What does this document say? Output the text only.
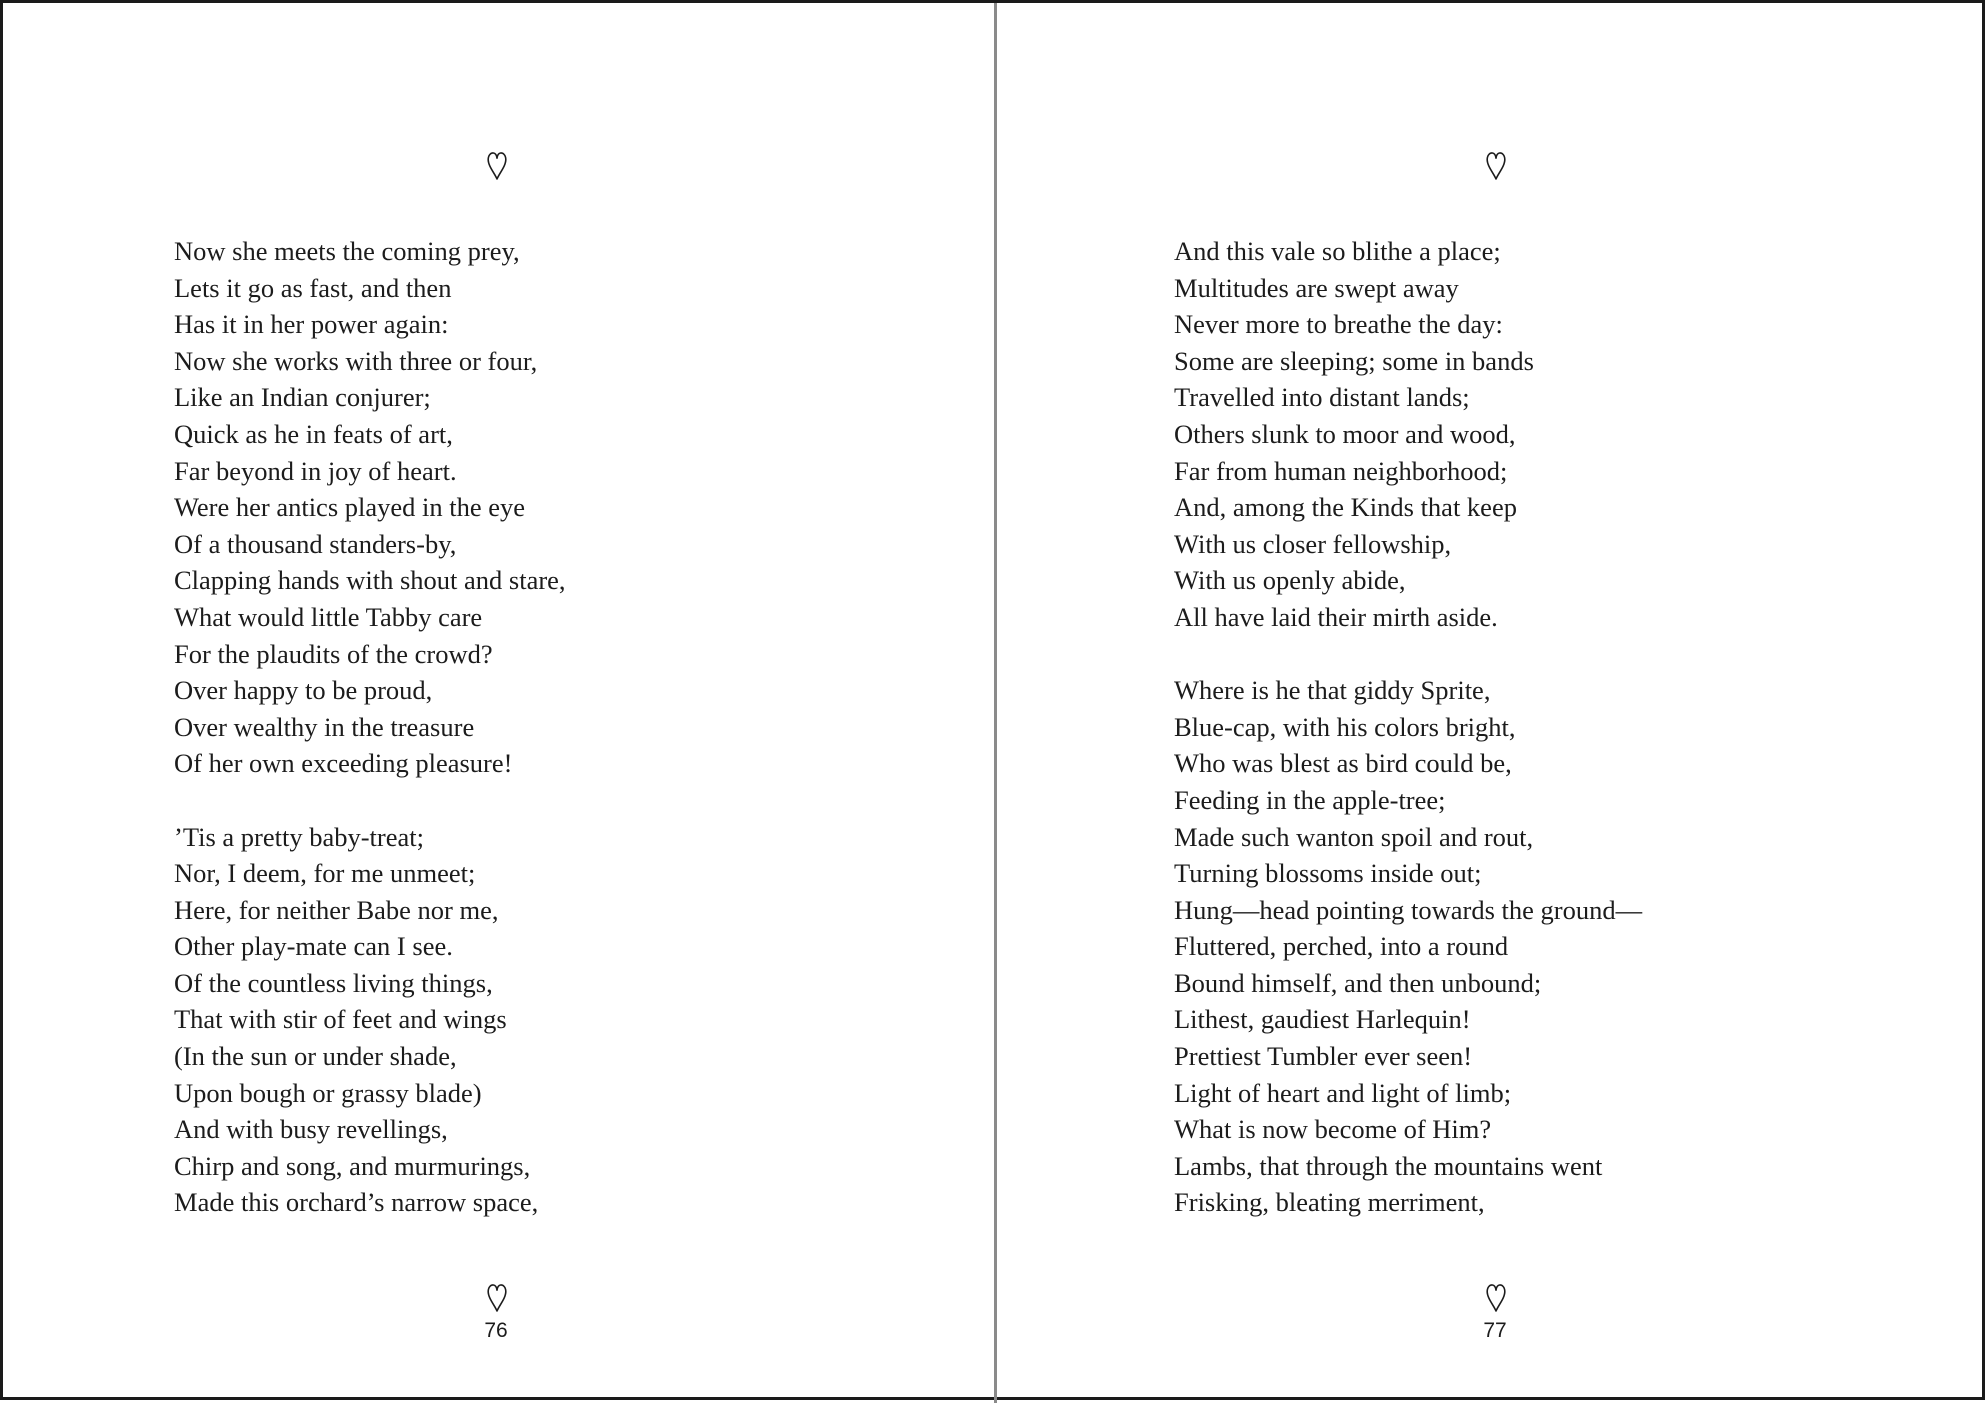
Now she meets the coming prey,
Lets it go as fast, and then
Has it in her power again:
Now she works with three or four,
Like an Indian conjurer;
Quick as he in feats of art,
Far beyond in joy of heart.
Were her antics played in the eye
Of a thousand standers-by,
Clapping hands with shout and stare,
What would little Tabby care
For the plaudits of the crowd?
Over happy to be proud,
Over wealthy in the treasure
Of her own exceeding pleasure!
’Tis a pretty baby-treat;
Nor, I deem, for me unmeet;
Here, for neither Babe nor me,
Other play-mate can I see.
Of the countless living things,
That with stir of feet and wings
(In the sun or under shade,
Upon bough or grassy blade)
And with busy revellings,
Chirp and song, and murmurings,
Made this orchard’s narrow space,
76
And this vale so blithe a place;
Multitudes are swept away
Never more to breathe the day:
Some are sleeping; some in bands
Travelled into distant lands;
Others slunk to moor and wood,
Far from human neighborhood;
And, among the Kinds that keep
With us closer fellowship,
With us openly abide,
All have laid their mirth aside.
Where is he that giddy Sprite,
Blue-cap, with his colors bright,
Who was blest as bird could be,
Feeding in the apple-tree;
Made such wanton spoil and rout,
Turning blossoms inside out;
Hung—head pointing towards the ground—
Fluttered, perched, into a round
Bound himself, and then unbound;
Lithest, gaudiest Harlequin!
Prettiest Tumbler ever seen!
Light of heart and light of limb;
What is now become of Him?
Lambs, that through the mountains went
Frisking, bleating merriment,
77
